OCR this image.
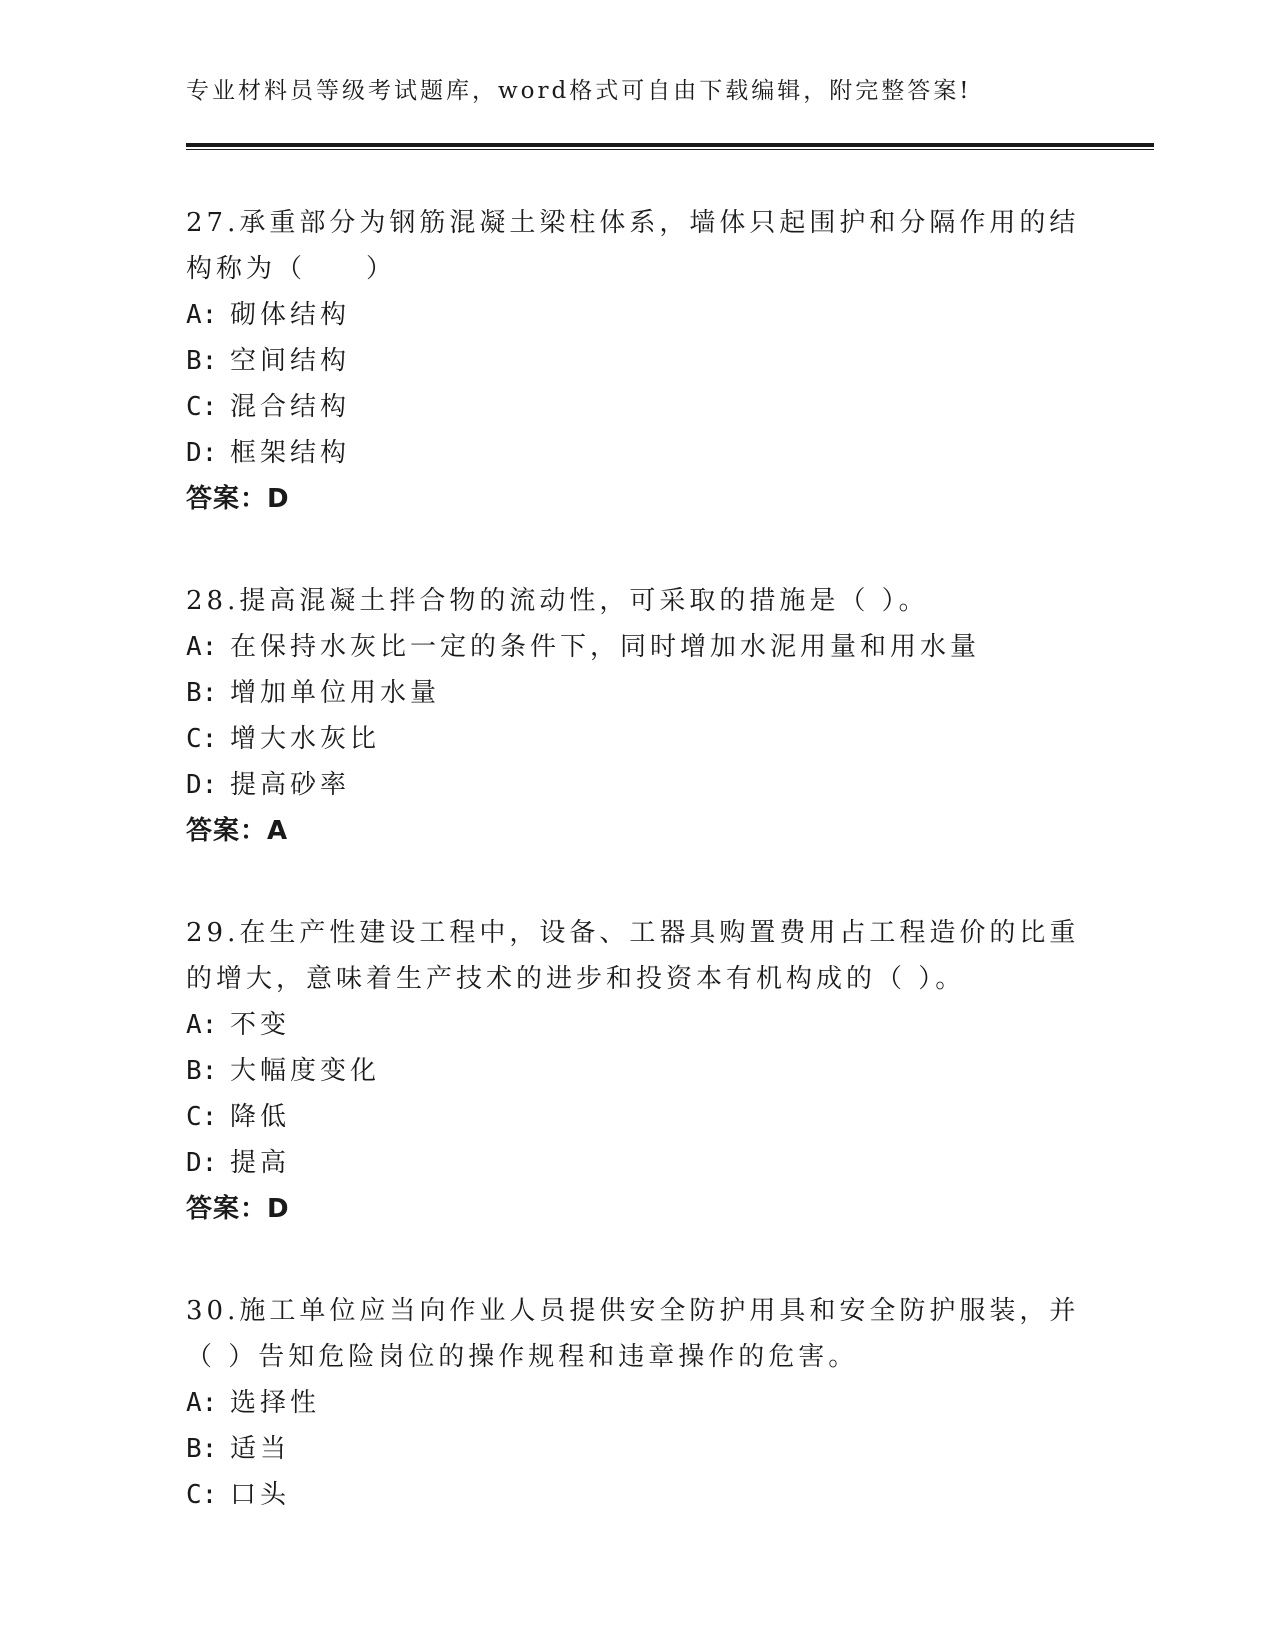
专业材料员等级考试题库，word格式可自由下载编辑，附完整答案!

27.承重部分为钢筋混凝土梁柱体系，墙体只起围护和分隔作用的结构称为（　　）

A: 砌体结构
B: 空间结构
C: 混合结构
D: 框架结构
答案：D

28.提高混凝土拌合物的流动性，可采取的措施是（ ）。

A: 在保持水灰比一定的条件下，同时增加水泥用量和用水量
B: 增加单位用水量
C: 增大水灰比
D: 提高砂率
答案：A

29.在生产性建设工程中，设备、工器具购置费用占工程造价的比重的增大，意味着生产技术的进步和投资本有机构成的（ ）。

A: 不变
B: 大幅度变化
C: 降低
D: 提高
答案：D

30.施工单位应当向作业人员提供安全防护用具和安全防护服装，并（ ）告知危险岗位的操作规程和违章操作的危害。

A: 选择性
B: 适当
C: 口头
